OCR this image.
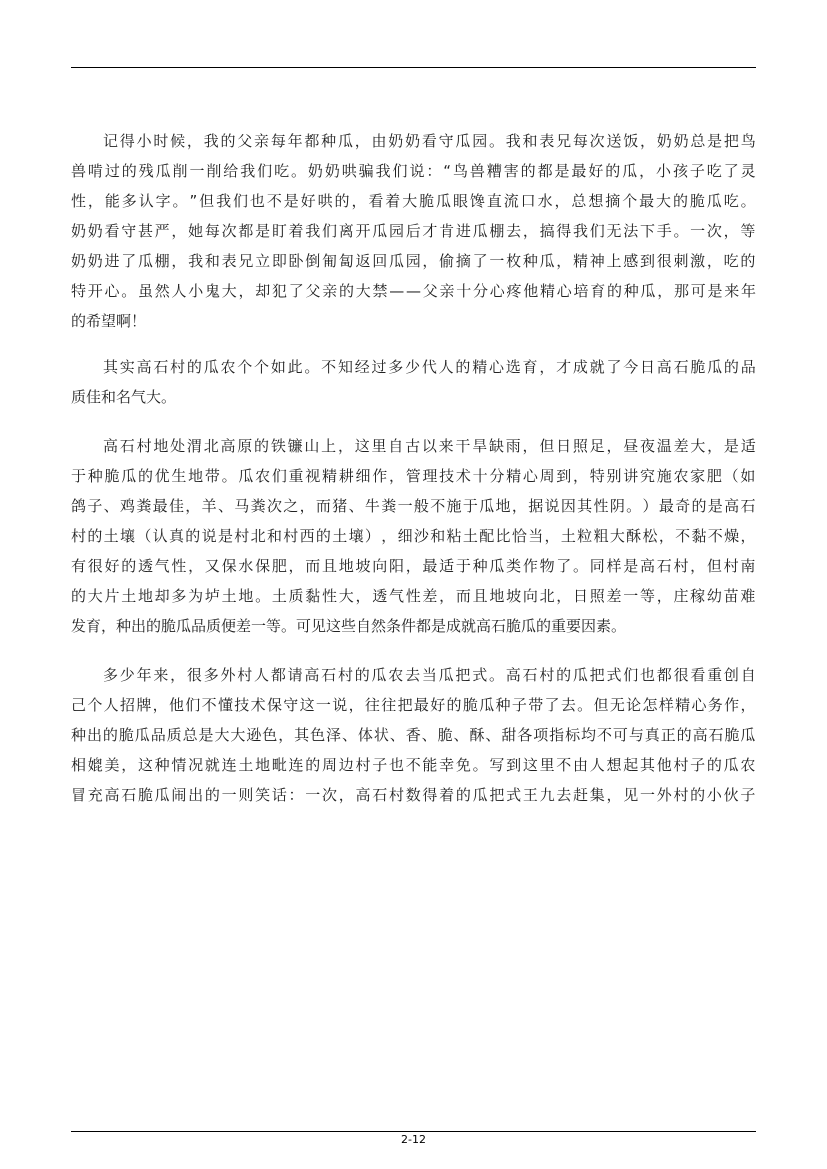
记 得 小 时 候 ， 我 的 父 亲 每 年 都 种 瓜 ， 由 奶 奶 看 守 瓜 园 。 我 和 表 兄 每 次 送 饭 ， 奶 奶 总 是 把 鸟
兽 啃 过 的 残 瓜 削 一 削 给 我 们 吃 。 奶 奶 哄 骗 我 们 说 ： “ 鸟 兽 糟 害 的 都 是 最 好 的 瓜 ， 小 孩 子 吃 了 灵
性 ， 能 多 认 字 。 ” 但 我 们 也 不 是 好 哄 的 ， 看 着 大 脆 瓜 眼 馋 直 流 口 水 ， 总 想 摘 个 最 大 的 脆 瓜 吃 。
奶 奶 看 守 甚 严 ， 她 每 次 都 是 盯 着 我 们 离 开 瓜 园 后 才 肯 进 瓜 棚 去 ， 搞 得 我 们 无 法 下 手 。 一 次 ， 等
奶 奶 进 了 瓜 棚 ， 我 和 表 兄 立 即 卧 倒 匍 匐 返 回 瓜 园 ， 偷 摘 了 一 枚 种 瓜 ， 精 神 上 感 到 很 刺 激 ， 吃 的
特 开 心 。 虽 然 人 小 鬼 大 ， 却 犯 了 父 亲 的 大 禁 — — 父 亲 十 分 心 疼 他 精 心 培 育 的 种 瓜 ， 那 可 是 来 年
的希望啊！
其 实 高 石 村 的 瓜 农 个 个 如 此 。 不 知 经 过 多 少 代 人 的 精 心 选 育 ， 才 成 就 了 今 日 高 石 脆 瓜 的 品
质佳和名气大。
高 石 村 地 处 渭 北 高 原 的 铁 镰 山 上 ， 这 里 自 古 以 来 干 旱 缺 雨 ， 但 日 照 足 ， 昼 夜 温 差 大 ， 是 适
于 种 脆 瓜 的 优 生 地 带 。 瓜 农 们 重 视 精 耕 细 作 ， 管 理 技 术 十 分 精 心 周 到 ， 特 别 讲 究 施 农 家 肥 （ 如
鸽 子 、 鸡 粪 最 佳 ， 羊 、 马 粪 次 之 ， 而 猪 、 牛 粪 一 般 不 施 于 瓜 地 ， 据 说 因 其 性 阴 。 ） 最 奇 的 是 高 石
村 的 土 壤 （ 认 真 的 说 是 村 北 和 村 西 的 土 壤 ） ， 细 沙 和 粘 土 配 比 恰 当 ， 土 粒 粗 大 酥 松 ， 不 黏 不 燥 ，
有 很 好 的 透 气 性 ， 又 保 水 保 肥 ， 而 且 地 坡 向 阳 ， 最 适 于 种 瓜 类 作 物 了 。 同 样 是 高 石 村 ， 但 村 南
的 大 片 土 地 却 多 为 垆 土 地 。 土 质 黏 性 大 ， 透 气 性 差 ， 而 且 地 坡 向 北 ， 日 照 差 一 等 ， 庄 稼 幼 苗 难
发育，种出的脆瓜品质便差一等。可见这些自然条件都是成就高石脆瓜的重要因素。
多 少 年 来 ， 很 多 外 村 人 都 请 高 石 村 的 瓜 农 去 当 瓜 把 式 。 高 石 村 的 瓜 把 式 们 也 都 很 看 重 创 自
己 个 人 招 牌 ， 他 们 不 懂 技 术 保 守 这 一 说 ， 往 往 把 最 好 的 脆 瓜 种 子 带 了 去 。 但 无 论 怎 样 精 心 务 作 ，
种 出 的 脆 瓜 品 质 总 是 大 大 逊 色 ， 其 色 泽 、 体 状 、 香 、 脆 、 酥 、 甜 各 项 指 标 均 不 可 与 真 正 的 高 石 脆 瓜
相 媲 美 ， 这 种 情 况 就 连 土 地 毗 连 的 周 边 村 子 也 不 能 幸 免 。 写 到 这 里 不 由 人 想 起 其 他 村 子 的 瓜 农
冒 充 高 石 脆 瓜 闹 出 的 一 则 笑 话 ： 一 次 ， 高 石 村 数 得 着 的 瓜 把 式 王 九 去 赶 集 ， 见 一 外 村 的 小 伙 子
2-12
